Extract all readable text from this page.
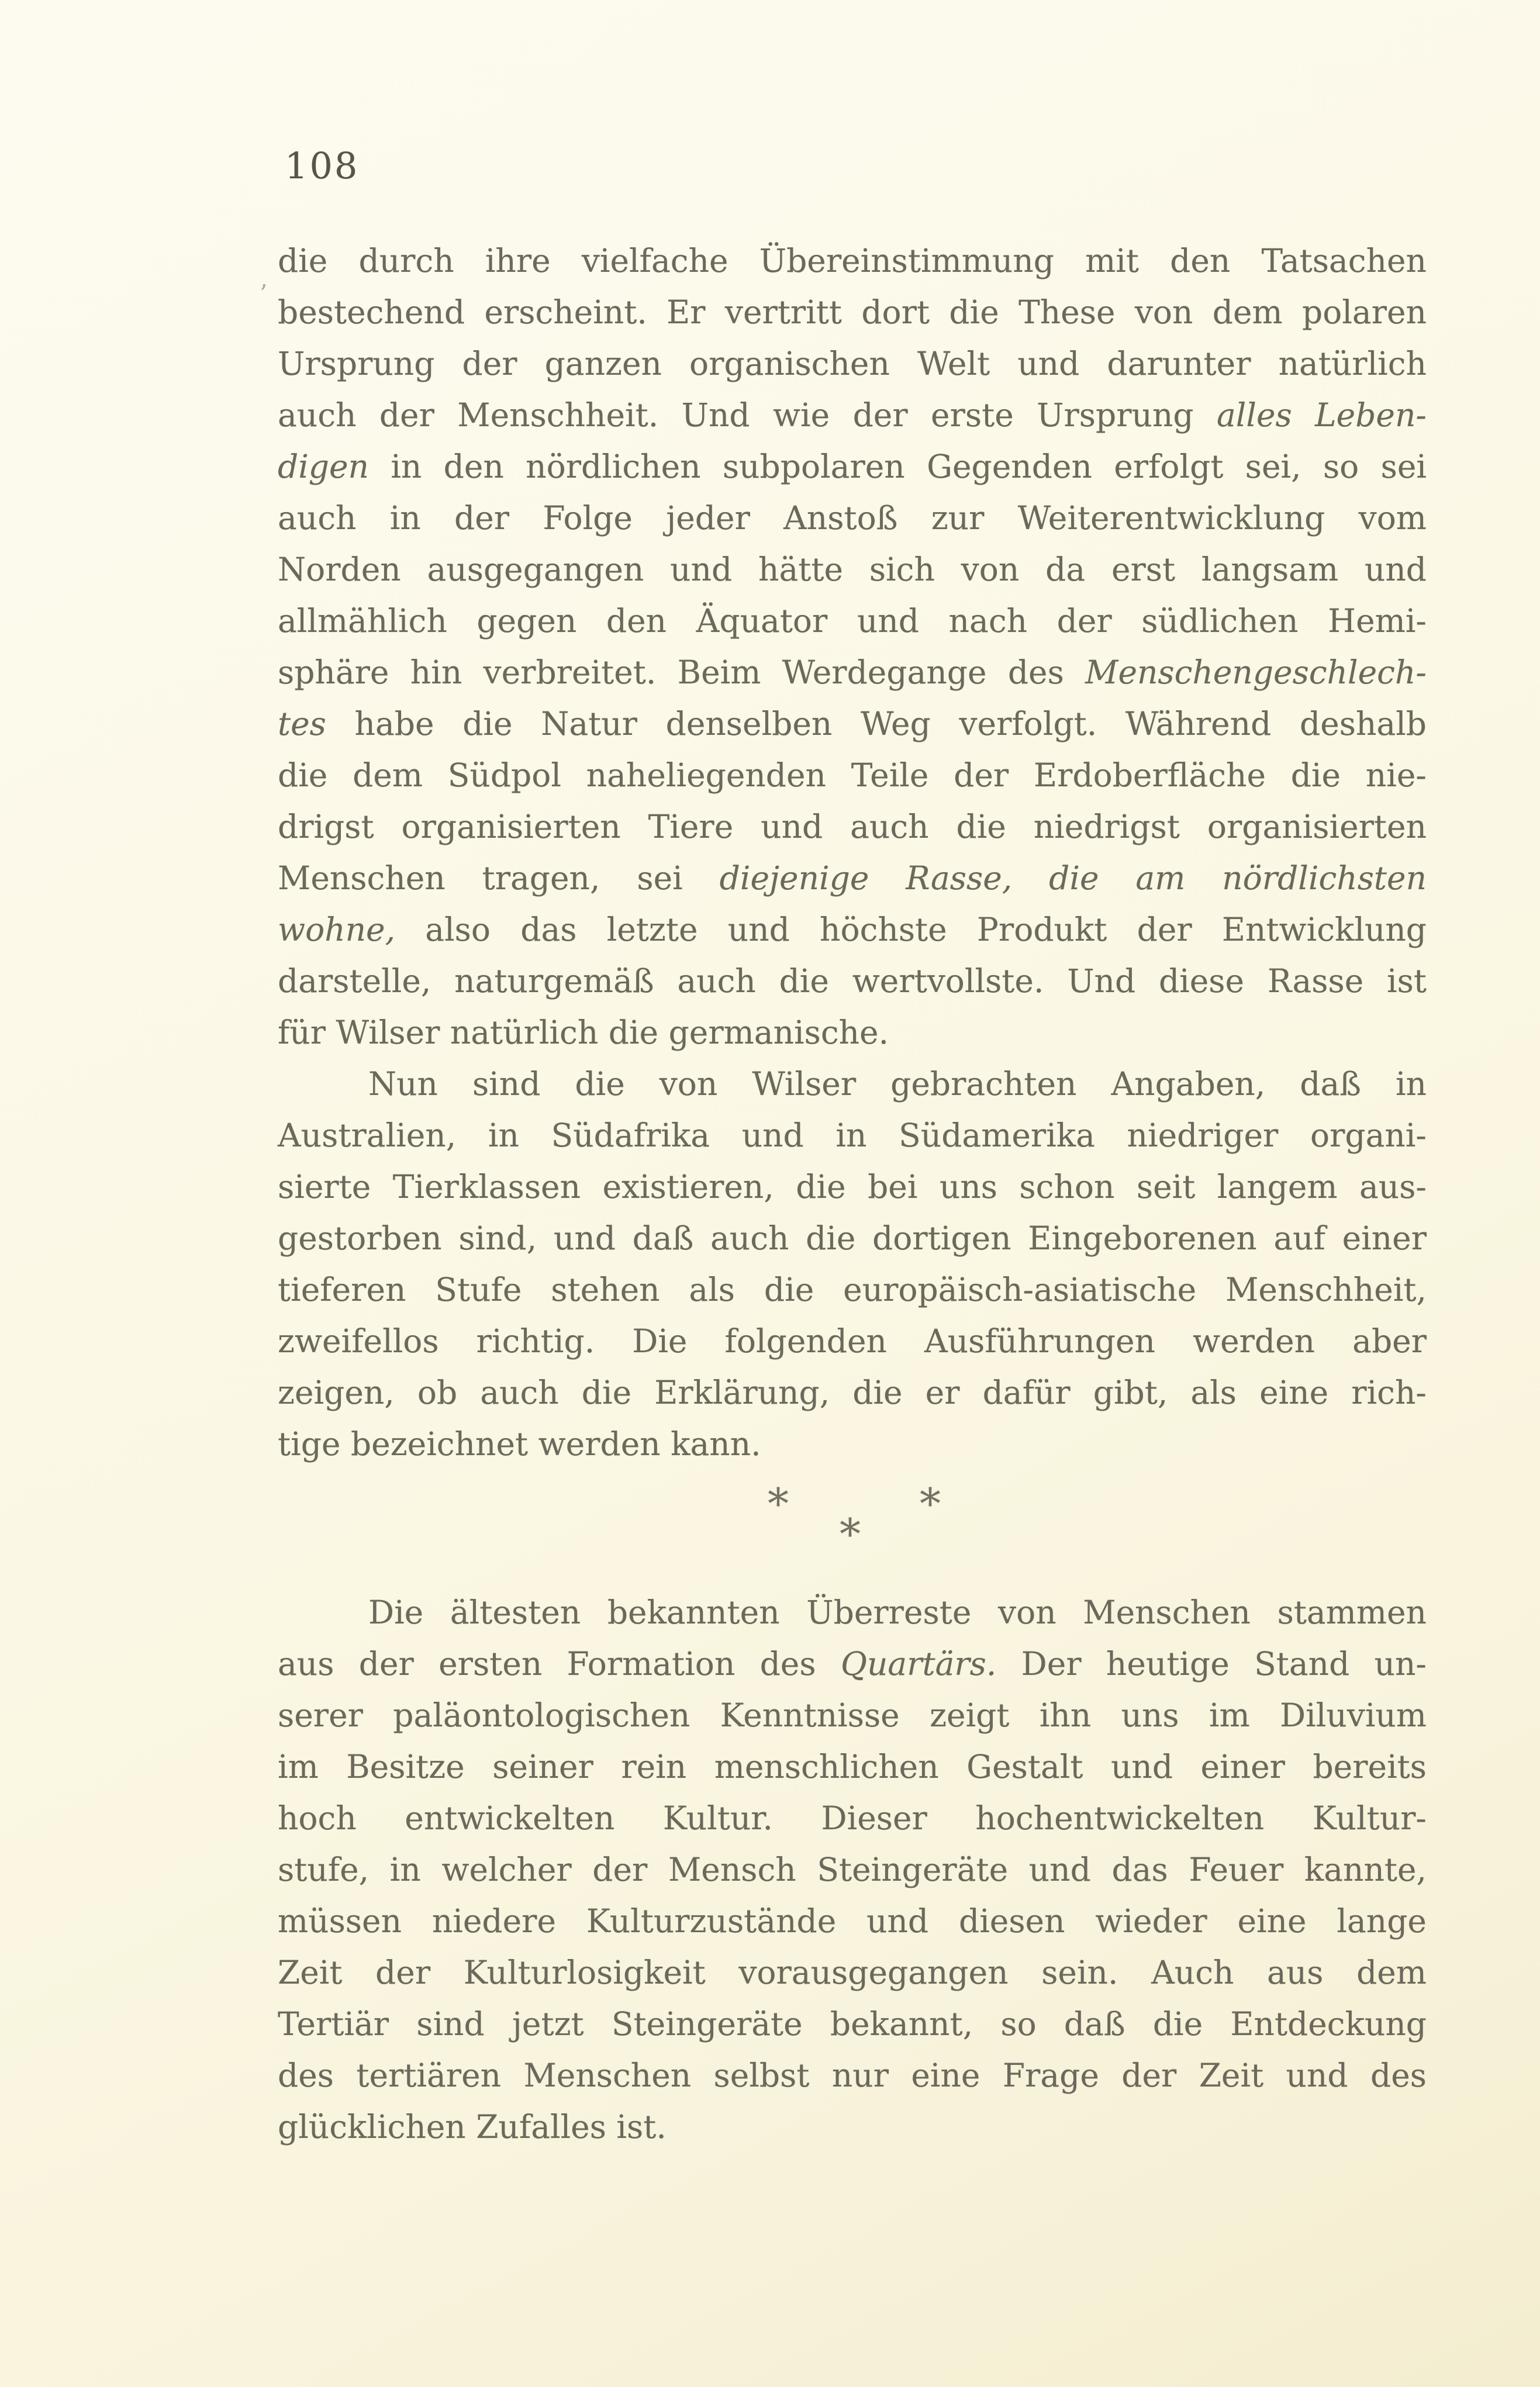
108
’
die durch ihre vielfache Übereinstimmung mit den Tatsachen
bestechend erscheint. Er vertritt dort die These von dem polaren
Ursprung der ganzen organischen Welt und darunter natürlich
auch der Menschheit. Und wie der erste Ursprung alles Leben-
digen in den nördlichen subpolaren Gegenden erfolgt sei, so sei
auch in der Folge jeder Anstoß zur Weiterentwicklung vom
Norden ausgegangen und hätte sich von da erst langsam und
allmählich gegen den Äquator und nach der südlichen Hemi-
sphäre hin verbreitet. Beim Werdegange des Menschengeschlech-
tes habe die Natur denselben Weg verfolgt. Während deshalb
die dem Südpol naheliegenden Teile der Erdoberfläche die nie-
drigst organisierten Tiere und auch die niedrigst organisierten
Menschen tragen, sei diejenige Rasse, die am nördlichsten
wohne, also das letzte und höchste Produkt der Entwicklung
darstelle, naturgemäß auch die wertvollste. Und diese Rasse ist
für Wilser natürlich die germanische.
Nun sind die von Wilser gebrachten Angaben, daß in
Australien, in Südafrika und in Südamerika niedriger organi-
sierte Tierklassen existieren, die bei uns schon seit langem aus-
gestorben sind, und daß auch die dortigen Eingeborenen auf einer
tieferen Stufe stehen als die europäisch-asiatische Menschheit,
zweifellos richtig. Die folgenden Ausführungen werden aber
zeigen, ob auch die Erklärung, die er dafür gibt, als eine rich-
tige bezeichnet werden kann.
*	*
*
Die ältesten bekannten Überreste von Menschen stammen
aus der ersten Formation des Quartärs. Der heutige Stand un-
serer paläontologischen Kenntnisse zeigt ihn uns im Diluvium
im Besitze seiner rein menschlichen Gestalt und einer bereits
hoch entwickelten Kultur. Dieser hochentwickelten Kultur-
stufe, in welcher der Mensch Steingeräte und das Feuer kannte,
müssen niedere Kulturzustände und diesen wieder eine lange
Zeit der Kulturlosigkeit vorausgegangen sein. Auch aus dem
Tertiär sind jetzt Steingeräte bekannt, so daß die Entdeckung
des tertiären Menschen selbst nur eine Frage der Zeit und des
glücklichen Zufalles ist.
